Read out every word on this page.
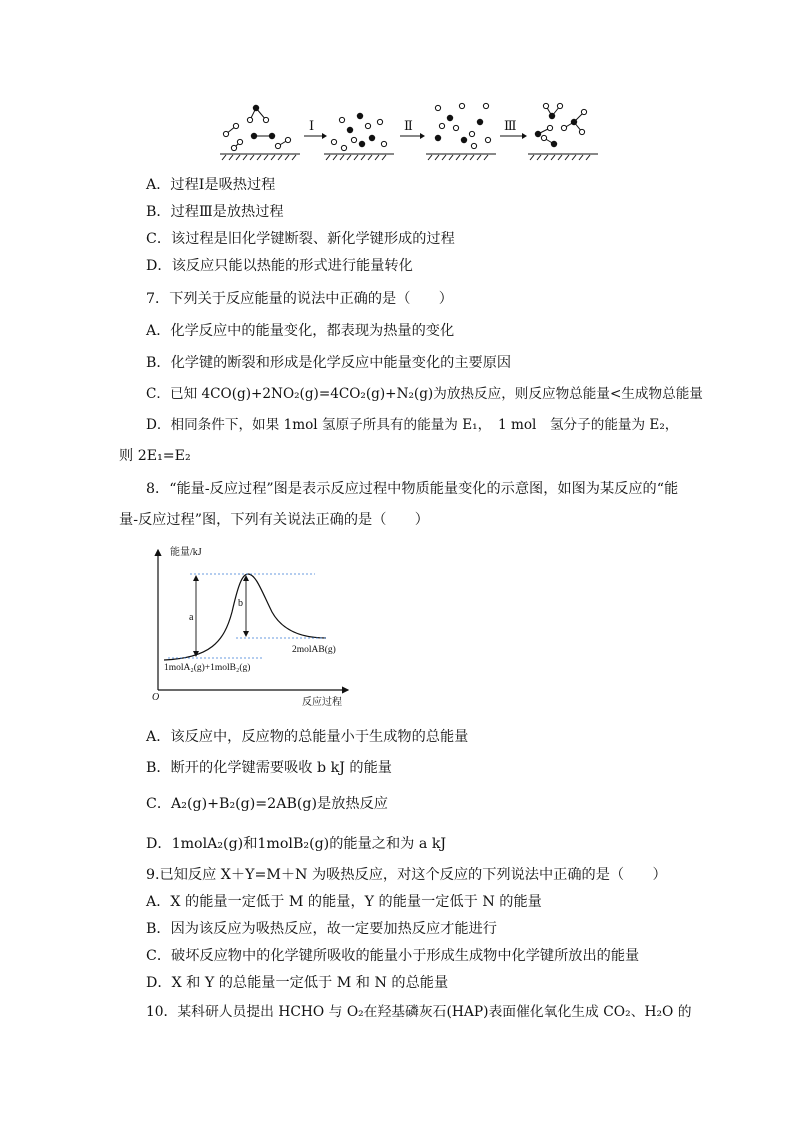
Ⅰ	Ⅱ	Ⅲ
A．过程Ⅰ是吸热过程
B．过程Ⅲ是放热过程
C．该过程是旧化学键断裂、新化学键形成的过程
D．该反应只能以热能的形式进行能量转化
7．下列关于反应能量的说法中正确的是（　　）
A．化学反应中的能量变化，都表现为热量的变化
B．化学键的断裂和形成是化学反应中能量变化的主要原因
C．已知 4CO(g)+2NO₂(g)=4CO₂(g)+N₂(g)为放热反应，则反应物总能量<生成物总能量
D．相同条件下，如果 1mol 氢原子所具有的能量为 E₁，　1 mol　氢分子的能量为 E₂，
则 2E₁=E₂
8．“能量-反应过程”图是表示反应过程中物质能量变化的示意图，如图为某反应的“能
量-反应过程”图，下列有关说法正确的是（　　）
能量/kJ
反应过程
O
a
b
1molA₂(g)+1molB₂(g)
2molAB(g)
A．该反应中，反应物的总能量小于生成物的总能量
B．断开的化学键需要吸收 b kJ 的能量
C．A₂(g)+B₂(g)=2AB(g)是放热反应
D．1molA₂(g)和1molB₂(g)的能量之和为 a kJ
9.已知反应 X＋Y=M＋N 为吸热反应，对这个反应的下列说法中正确的是（　　）
A．X 的能量一定低于 M 的能量，Y 的能量一定低于 N 的能量
B．因为该反应为吸热反应，故一定要加热反应才能进行
C．破坏反应物中的化学键所吸收的能量小于形成生成物中化学键所放出的能量
D．X 和 Y 的总能量一定低于 M 和 N 的总能量
10．某科研人员提出 HCHO 与 O₂在羟基磷灰石(HAP)表面催化氧化生成 CO₂、H₂O 的
